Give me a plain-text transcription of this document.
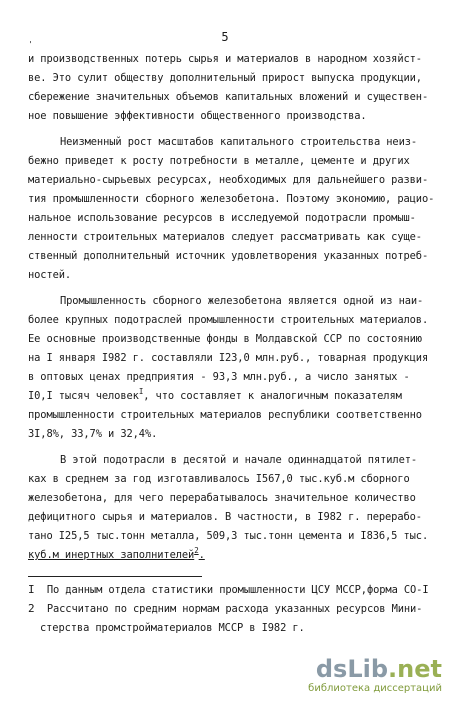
5
'
и производственных потерь сырья и материалов в народном хозяйст-
ве. Это сулит обществу дополнительный прирост выпуска продукции,
сбережение значительных объемов капитальных вложений и существен-
ное повышение эффективности общественного производства.
Неизменный рост масштабов капитального строительства неиз-
бежно приведет к росту потребности в металле, цементе и других
материально-сырьевых ресурсах, необходимых для дальнейшего разви-
тия промышленности сборного железобетона. Поэтому экономию, рацио-
нальное использование ресурсов в исследуемой подотрасли промыш-
ленности строительных материалов следует рассматривать как суще-
ственный дополнительный источник удовлетворения указанных потреб-
ностей.
Промышленность сборного железобетона является одной из наи-
более крупных подотраслей промышленности строительных материалов.
Ее основные производственные фонды в Молдавской ССР по состоянию
на I января I982 г. составляли I23,0 млн.руб., товарная продукция
в оптовых ценах предприятия - 93,3 млн.руб., а число занятых -
I0,I тысяч человек$^I$, что составляет к аналогичным показателям
промышленности строительных материалов республики соответственно
3I,8%, 33,7% и 32,4%.
В этой подотрасли в десятой и начале одиннадцатой пятилет-
ках в среднем за год изготавливалось I567,0 тыс.куб.м сборного
железобетона, для чего перерабатывалось значительное количество
дефицитного сырья и материалов. В частности, в I982 г. перерабо-
тано I25,5 тыс.тонн металла, 509,3 тыс.тонн цемента и I836,5 тыс.
куб.м инертных заполнителей$^2$.
I По данным отдела статистики промышленности ЦСУ МССР,форма СО-I
2 Рассчитано по средним нормам расхода указанных ресурсов Мини-
стерства промстройматериалов МССР в I982 г.
dsLib.net
библиотека диссертаций
